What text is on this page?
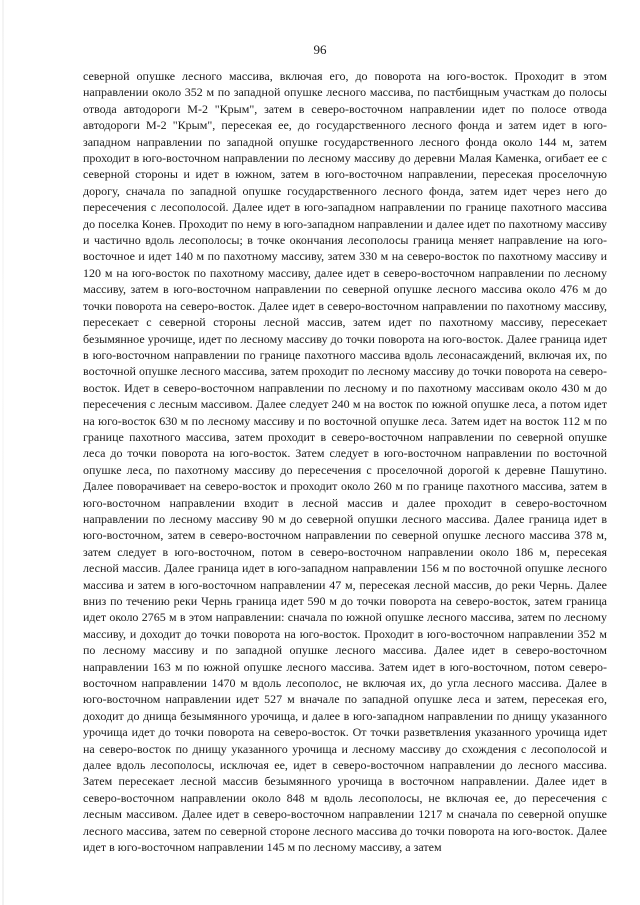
96

северной опушке лесного массива, включая его, до поворота на юго-восток. Проходит в этом направлении около 352 м по западной опушке лесного массива, по пастбищным участкам до полосы отвода автодороги М-2 "Крым", затем в северо-восточном направлении идет по полосе отвода автодороги М-2 "Крым", пересекая ее, до государственного лесного фонда и затем идет в юго-западном направлении по западной опушке государственного лесного фонда около 144 м, затем проходит в юго-восточном направлении по лесному массиву до деревни Малая Каменка, огибает ее с северной стороны и идет в южном, затем в юго-восточном направлении, пересекая проселочную дорогу, сначала по западной опушке государственного лесного фонда, затем идет через него до пересечения с лесополосой. Далее идет в юго-западном направлении по границе пахотного массива до поселка Конев. Проходит по нему в юго-западном направлении и далее идет по пахотному массиву и частично вдоль лесополосы; в точке окончания лесополосы граница меняет направление на юго-восточное и идет 140 м по пахотному массиву, затем 330 м на северо-восток по пахотному массиву и 120 м на юго-восток по пахотному массиву, далее идет в северо-восточном направлении по лесному массиву, затем в юго-восточном направлении по северной опушке лесного массива около 476 м до точки поворота на северо-восток. Далее идет в северо-восточном направлении по пахотному массиву, пересекает с северной стороны лесной массив, затем идет по пахотному массиву, пересекает безымянное урочище, идет по лесному массиву до точки поворота на юго-восток. Далее граница идет в юго-восточном направлении по границе пахотного массива вдоль лесонасаждений, включая их, по восточной опушке лесного массива, затем проходит по лесному массиву до точки поворота на северо-восток. Идет в северо-восточном направлении по лесному и по пахотному массивам около 430 м до пересечения с лесным массивом. Далее следует 240 м на восток по южной опушке леса, а потом идет на юго-восток 630 м по лесному массиву и по восточной опушке леса. Затем идет на восток 112 м по границе пахотного массива, затем проходит в северо-восточном направлении по северной опушке леса до точки поворота на юго-восток. Затем следует в юго-восточном направлении по восточной опушке леса, по пахотному массиву до пересечения с проселочной дорогой к деревне Пашутино. Далее поворачивает на северо-восток и проходит около 260 м по границе пахотного массива, затем в юго-восточном направлении входит в лесной массив и далее проходит в северо-восточном направлении по лесному массиву 90 м до северной опушки лесного массива. Далее граница идет в юго-восточном, затем в северо-восточном направлении по северной опушке лесного массива 378 м, затем следует в юго-восточном, потом в северо-восточном направлении около 186 м, пересекая лесной массив. Далее граница идет в юго-западном направлении 156 м по восточной опушке лесного массива и затем в юго-восточном направлении 47 м, пересекая лесной массив, до реки Чернь. Далее вниз по течению реки Чернь граница идет 590 м до точки поворота на северо-восток, затем граница идет около 2765 м в этом направлении: сначала по южной опушке лесного массива, затем по лесному массиву, и доходит до точки поворота на юго-восток. Проходит в юго-восточном направлении 352 м по лесному массиву и по западной опушке лесного массива. Далее идет в северо-восточном направлении 163 м по южной опушке лесного массива. Затем идет в юго-восточном, потом северо-восточном направлении 1470 м вдоль лесополос, не включая их, до угла лесного массива. Далее в юго-восточном направлении идет 527 м вначале по западной опушке леса и затем, пересекая его, доходит до днища безымянного урочища, и далее в юго-западном направлении по днищу указанного урочища идет до точки поворота на северо-восток. От точки разветвления указанного урочища идет на северо-восток по днищу указанного урочища и лесному массиву до схождения с лесополосой и далее вдоль лесополосы, исключая ее, идет в северо-восточном направлении до лесного массива. Затем пересекает лесной массив безымянного урочища в восточном направлении. Далее идет в северо-восточном направлении около 848 м вдоль лесополосы, не включая ее, до пересечения с лесным массивом. Далее идет в северо-восточном направлении 1217 м сначала по северной опушке лесного массива, затем по северной стороне лесного массива до точки поворота на юго-восток. Далее идет в юго-восточном направлении 145 м по лесному массиву, а затем
